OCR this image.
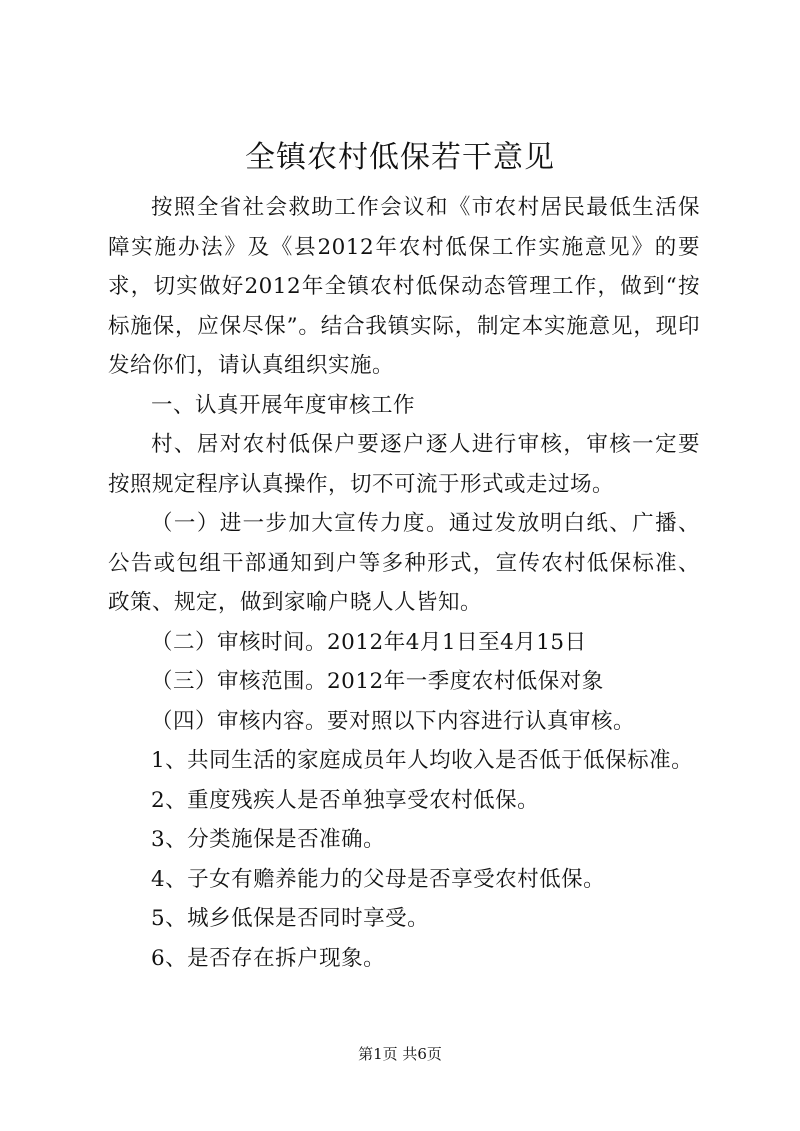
全镇农村低保若干意见

按照全省社会救助工作会议和《市农村居民最低生活保障实施办法》及《县2012年农村低保工作实施意见》的要求，切实做好2012年全镇农村低保动态管理工作，做到“按标施保，应保尽保”。结合我镇实际，制定本实施意见，现印发给你们，请认真组织实施。

一、认真开展年度审核工作

村、居对农村低保户要逐户逐人进行审核，审核一定要按照规定程序认真操作，切不可流于形式或走过场。

（一）进一步加大宣传力度。通过发放明白纸、广播、公告或包组干部通知到户等多种形式，宣传农村低保标准、政策、规定，做到家喻户晓人人皆知。

（二）审核时间。2012年4月1日至4月15日

（三）审核范围。2012年一季度农村低保对象

（四）审核内容。要对照以下内容进行认真审核。

1、共同生活的家庭成员年人均收入是否低于低保标准。

2、重度残疾人是否单独享受农村低保。

3、分类施保是否准确。

4、子女有赡养能力的父母是否享受农村低保。

5、城乡低保是否同时享受。

6、是否存在拆户现象。

第1页 共6页
